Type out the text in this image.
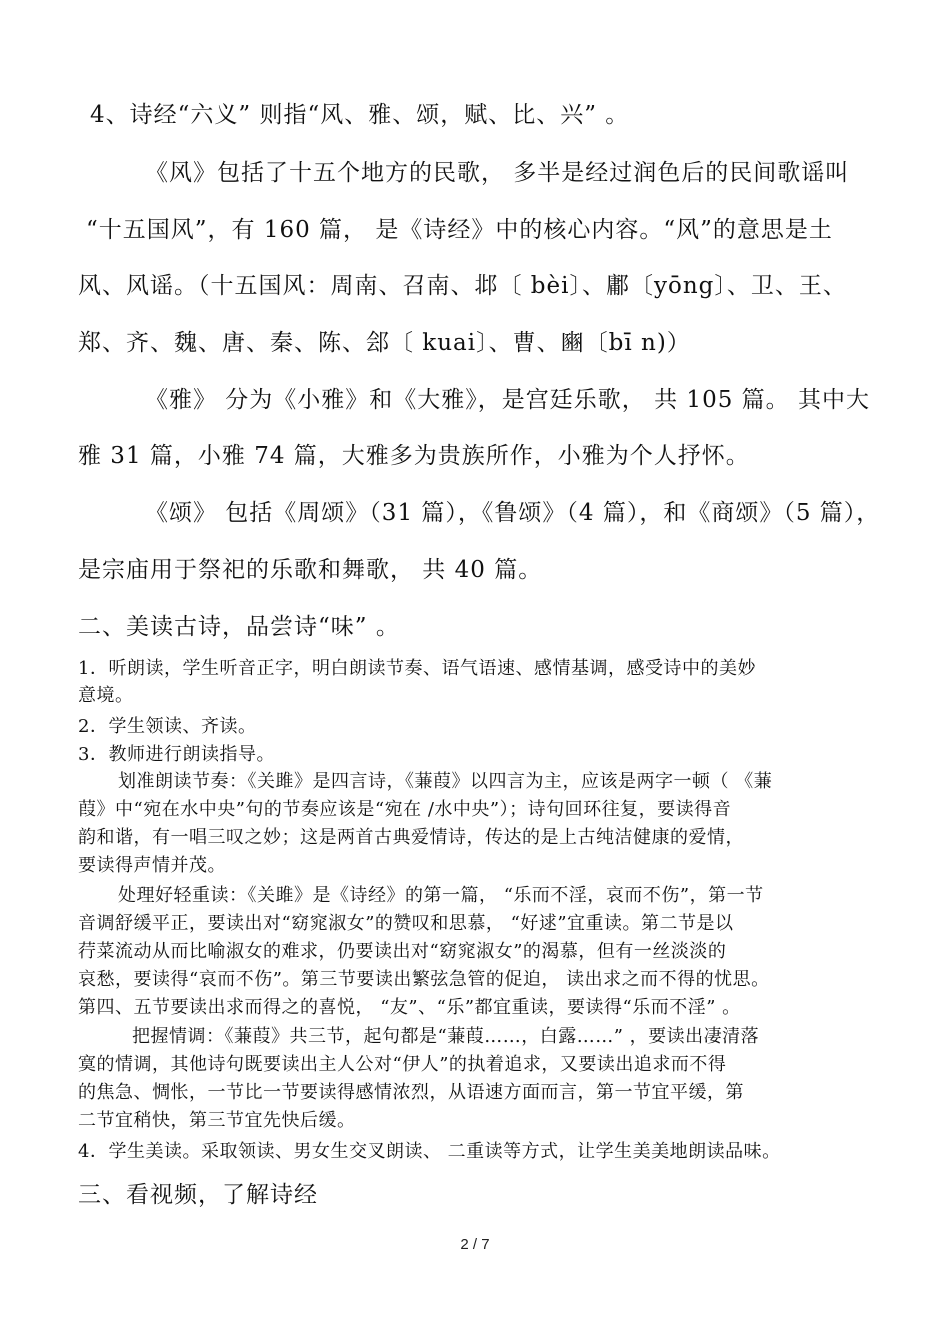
4、诗经“六义” 则指“风、雅、颂，赋、比、兴” 。

《风》包括了十五个地方的民歌， 多半是经过润色后的民间歌谣叫

“十五国风”，有 160 篇， 是《诗经》中的核心内容。“风”的意思是土

风、风谣。（十五国风：周南、召南、邶〔 bèi〕、鄘〔yōng〕、卫、王、

郑、齐、魏、唐、秦、陈、郐〔 kuai〕、曹、豳〔bī n)）

《雅》 分为《小雅》和《大雅》，是宫廷乐歌， 共 105 篇。 其中大

雅 31 篇，小雅 74 篇，大雅多为贵族所作，小雅为个人抒怀。

《颂》 包括《周颂》（31 篇），《鲁颂》（4 篇），和《商颂》（5 篇），

是宗庙用于祭祀的乐歌和舞歌， 共 40 篇。

二、美读古诗，品尝诗“味” 。

1．听朗读，学生听音正字，明白朗读节奏、语气语速、感情基调，感受诗中的美妙

意境。

2．学生领读、齐读。

3．教师进行朗读指导。

划准朗读节奏：《关雎》是四言诗，《蒹葭》以四言为主，应该是两字一顿（ 《蒹

葭》中“宛在水中央”句的节奏应该是“宛在 /水中央”）；诗句回环往复，要读得音

韵和谐，有一唱三叹之妙；这是两首古典爱情诗，传达的是上古纯洁健康的爱情，

要读得声情并茂。

处理好轻重读：《关雎》是《诗经》的第一篇， “乐而不淫，哀而不伤”，第一节

音调舒缓平正，要读出对“窈窕淑女”的赞叹和思慕， “好逑”宜重读。第二节是以

荇菜流动从而比喻淑女的难求，仍要读出对“窈窕淑女”的渴慕，但有一丝淡淡的

哀愁，要读得“哀而不伤”。第三节要读出繁弦急管的促迫， 读出求之而不得的忧思。

第四、五节要读出求而得之的喜悦， “友”、“乐”都宜重读，要读得“乐而不淫” 。

把握情调：《蒹葭》共三节，起句都是“蒹葭……，白露……” ，要读出凄清落

寞的情调，其他诗句既要读出主人公对“伊人”的执着追求，又要读出追求而不得

的焦急、惆怅，一节比一节要读得感情浓烈，从语速方面而言，第一节宜平缓，第

二节宜稍快，第三节宜先快后缓。

4．学生美读。采取领读、男女生交叉朗读、 二重读等方式，让学生美美地朗读品味。

三、看视频，了解诗经

2 / 7
